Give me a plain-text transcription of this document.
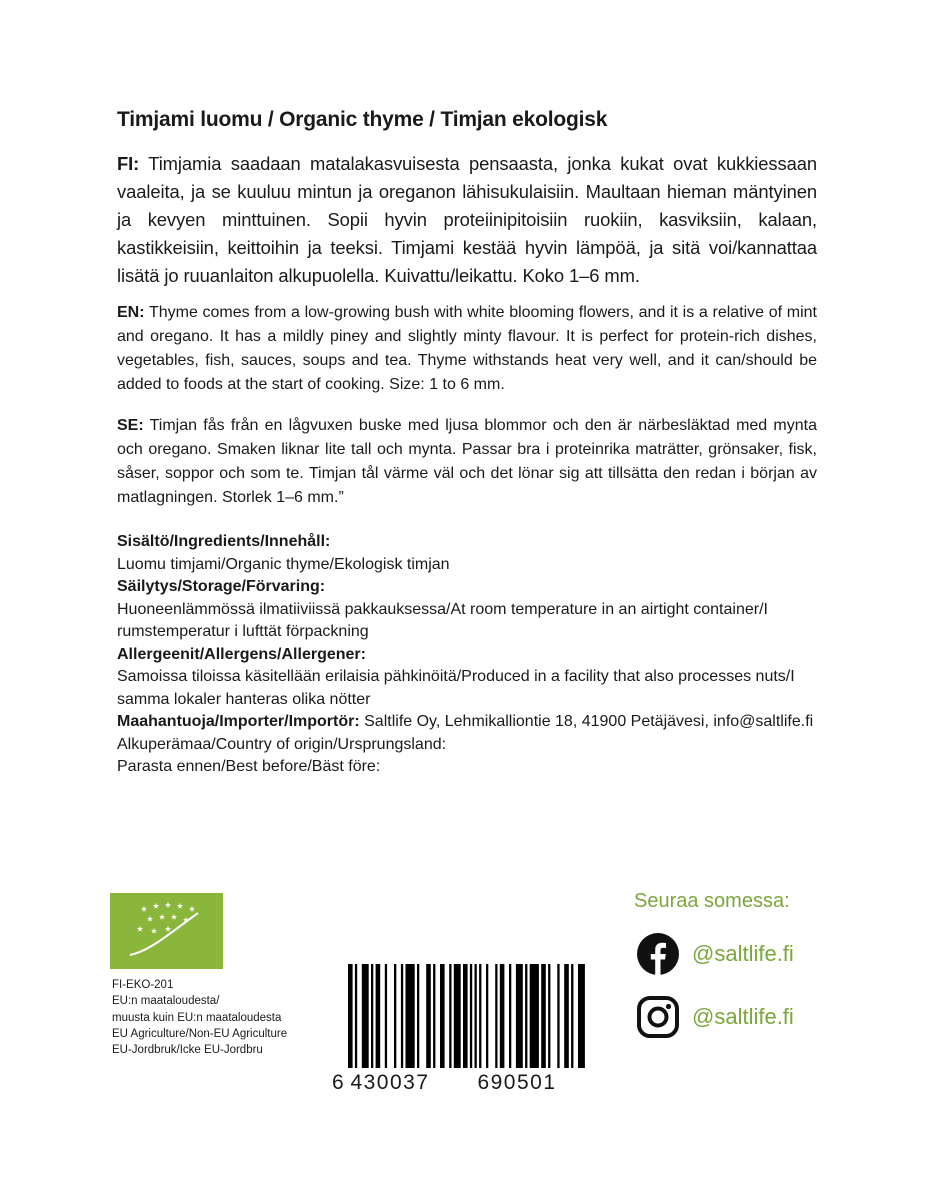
Timjami luomu / Organic thyme / Timjan ekologisk
FI: Timjamia saadaan matalakasvuisesta pensaasta, jonka kukat ovat kukkiessaan vaaleita, ja se kuuluu mintun ja oreganon lähisukulaisiin. Maultaan hieman mäntyinen ja kevyen minttuinen. Sopii hyvin proteiinipitoisiin ruokiin, kasviksiin, kalaan, kastikkeisiin, keittoihin ja teeksi. Timjami kestää hyvin lämpöä, ja sitä voi/kannattaa lisätä jo ruuanlaiton alkupuolella. Kuivattu/leikattu. Koko 1–6 mm.
EN: Thyme comes from a low-growing bush with white blooming flowers, and it is a relative of mint and oregano. It has a mildly piney and slightly minty flavour. It is perfect for protein-rich dishes, vegetables, fish, sauces, soups and tea. Thyme withstands heat very well, and it can/should be added to foods at the start of cooking. Size: 1 to 6 mm.
SE: Timjan fås från en lågvuxen buske med ljusa blommor och den är närbesläktad med mynta och oregano. Smaken liknar lite tall och mynta. Passar bra i proteinrika maträtter, grönsaker, fisk, såser, soppor och som te. Timjan tål värme väl och det lönar sig att tillsätta den redan i början av matlagningen. Storlek 1–6 mm.”
Sisältö/Ingredients/Innehåll:
Luomu timjami/Organic thyme/Ekologisk timjan
Säilytys/Storage/Förvaring:
Huoneenlämmössä ilmatiiviissä pakkauksessa/At room temperature in an airtight container/I rumstemperatur i lufttät förpackning
Allergeenit/Allergens/Allergener:
Samoissa tiloissa käsitellään erilaisia pähkinöitä/Produced in a facility that also processes nuts/I samma lokaler hanteras olika nötter
Maahantuoja/Importer/Importör: Saltlife Oy, Lehmikalliontie 18, 41900 Petäjävesi, info@saltlife.fi
Alkuperämaa/Country of origin/Ursprungsland:
Parasta ennen/Best before/Bäst före:
FI-EKO-201
EU:n maataloudesta/
muusta kuin EU:n maataloudesta
EU Agriculture/Non-EU Agriculture
EU-Jordbruk/Icke EU-Jordbru
6 430037 690501
Seuraa somessa:
@saltlife.fi
@saltlife.fi
